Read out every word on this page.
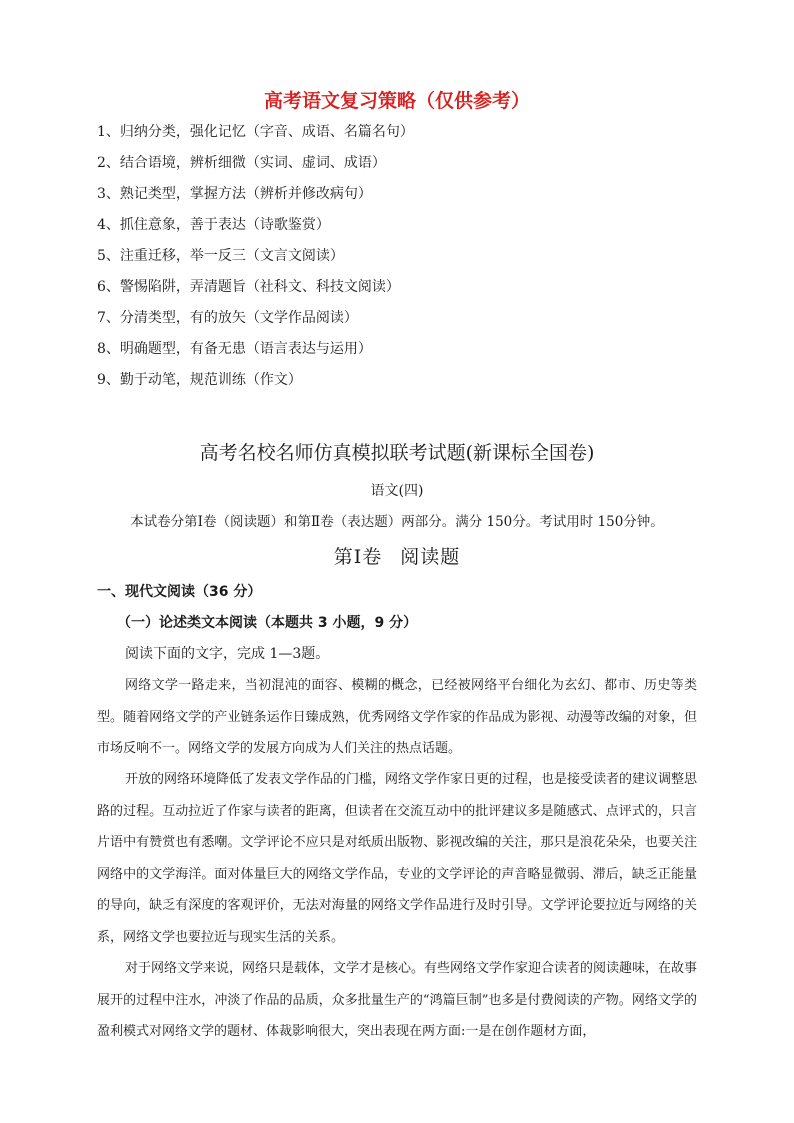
高考语文复习策略（仅供参考）
1、归纳分类，强化记忆（字音、成语、名篇名句）
2、结合语境，辨析细微（实词、虚词、成语）
3、熟记类型，掌握方法（辨析并修改病句）
4、抓住意象，善于表达（诗歌鉴赏）
5、注重迁移，举一反三（文言文阅读）
6、警惕陷阱，弄清题旨（社科文、科技文阅读）
7、分清类型，有的放矢（文学作品阅读）
8、明确题型，有备无患（语言表达与运用）
9、勤于动笔，规范训练（作文）
高考名校名师仿真模拟联考试题(新课标全国卷)
语文(四)
本试卷分第Ⅰ卷（阅读题）和第Ⅱ卷（表达题）两部分。满分 150分。考试用时 150分钟。
第Ⅰ卷 阅读题
一、现代文阅读（36 分）
（一）论述类文本阅读（本题共 3 小题，9 分）
阅读下面的文字，完成 1—3题。

网络文学一路走来，当初混沌的面容、模糊的概念，已经被网络平台细化为玄幻、都市、历史等类型。随着网络文学的产业链条运作日臻成熟，优秀网络文学作家的作品成为影视、动漫等改编的对象，但市场反响不一。网络文学的发展方向成为人们关注的热点话题。

开放的网络环境降低了发表文学作品的门槛，网络文学作家日更的过程，也是接受读者的建议调整思路的过程。互动拉近了作家与读者的距离，但读者在交流互动中的批评建议多是随感式、点评式的，只言片语中有赞赏也有悉嘲。文学评论不应只是对纸质出版物、影视改编的关注，那只是浪花朵朵，也要关注网络中的文学海洋。面对体量巨大的网络文学作品，专业的文学评论的声音略显微弱、滞后，缺乏正能量的导向，缺乏有深度的客观评价，无法对海量的网络文学作品进行及时引导。文学评论要拉近与网络的关系，网络文学也要拉近与现实生活的关系。

对于网络文学来说，网络只是载体，文学才是核心。有些网络文学作家迎合读者的阅读趣味，在故事展开的过程中注水，冲淡了作品的品质，众多批量生产的“鸿篇巨制”也多是付费阅读的产物。网络文学的盈利模式对网络文学的题材、体裁影响很大，突出表现在两方面:一是在创作题材方面，
